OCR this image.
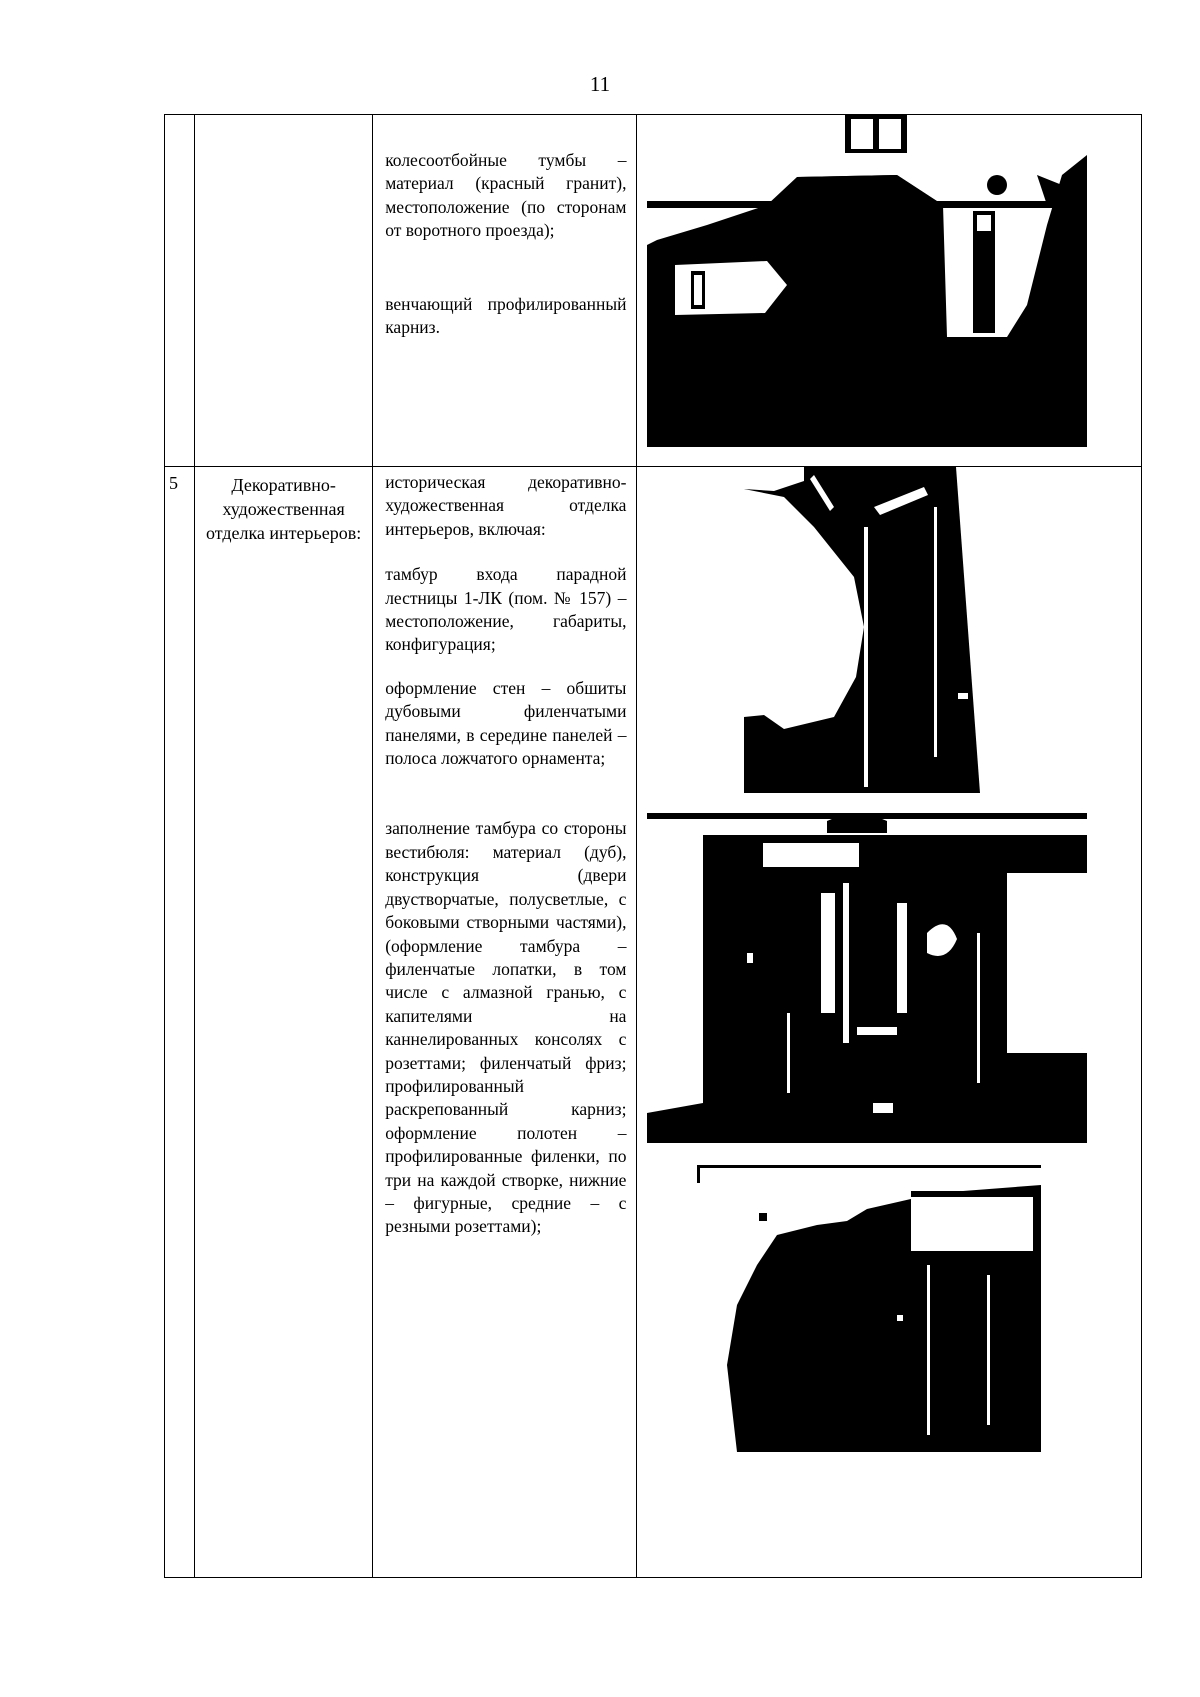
11

		колесоотбойные тумбы – материал (красный гранит), местоположение (по сторонам от воротного проезда);

венчающий профилированный карниз.

5	Декоративно-художественная отделка интерьеров:	историческая декоративно-художественная отделка интерьеров, включая:

тамбур входа парадной лестницы 1-ЛК (пом. № 157) – местоположение, габариты, конфигурация;

оформление стен – обшиты дубовыми филенчатыми панелями, в середине панелей – полоса ложчатого орнамента;

заполнение тамбура со стороны вестибюля: материал (дуб), конструкция (двери двустворчатые, полусветлые, с боковыми створными частями), (оформление тамбура – филенчатые лопатки, в том числе с алмазной гранью, с капителями на каннелированных консолях с розеттами; филенчатый фриз; профилированный раскрепованный карниз; оформление полотен – профилированные филенки, по три на каждой створке, нижние – фигурные, средние – с резными розеттами);
